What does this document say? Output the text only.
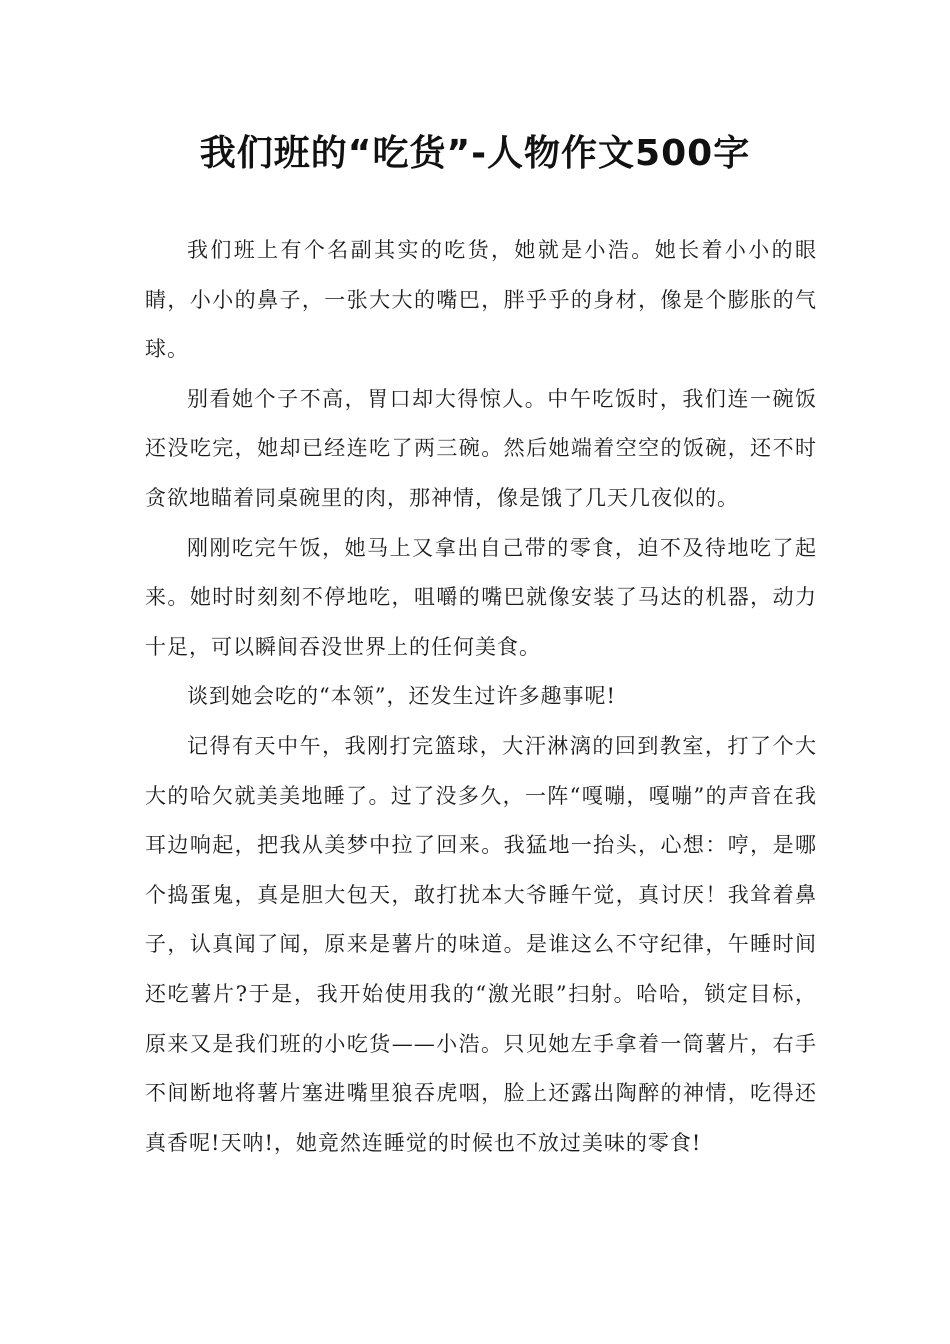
我们班的“吃货”-人物作文500字

我们班上有个名副其实的吃货，她就是小浩。她长着小小的眼睛，小小的鼻子，一张大大的嘴巴，胖乎乎的身材，像是个膨胀的气球。

别看她个子不高，胃口却大得惊人。中午吃饭时，我们连一碗饭还没吃完，她却已经连吃了两三碗。然后她端着空空的饭碗，还不时贪欲地瞄着同桌碗里的肉，那神情，像是饿了几天几夜似的。

刚刚吃完午饭，她马上又拿出自己带的零食，迫不及待地吃了起来。她时时刻刻不停地吃，咀嚼的嘴巴就像安装了马达的机器，动力十足，可以瞬间吞没世界上的任何美食。

谈到她会吃的“本领”，还发生过许多趣事呢!

记得有天中午，我刚打完篮球，大汗淋漓的回到教室，打了个大大的哈欠就美美地睡了。过了没多久，一阵“嘎嘣，嘎嘣”的声音在我耳边响起，把我从美梦中拉了回来。我猛地一抬头，心想：哼，是哪个捣蛋鬼，真是胆大包天，敢打扰本大爷睡午觉，真讨厌！我耸着鼻子，认真闻了闻，原来是薯片的味道。是谁这么不守纪律，午睡时间还吃薯片?于是，我开始使用我的“激光眼”扫射。哈哈，锁定目标，原来又是我们班的小吃货——小浩。只见她左手拿着一筒薯片，右手不间断地将薯片塞进嘴里狼吞虎咽，脸上还露出陶醉的神情，吃得还真香呢!天呐!，她竟然连睡觉的时候也不放过美味的零食!
